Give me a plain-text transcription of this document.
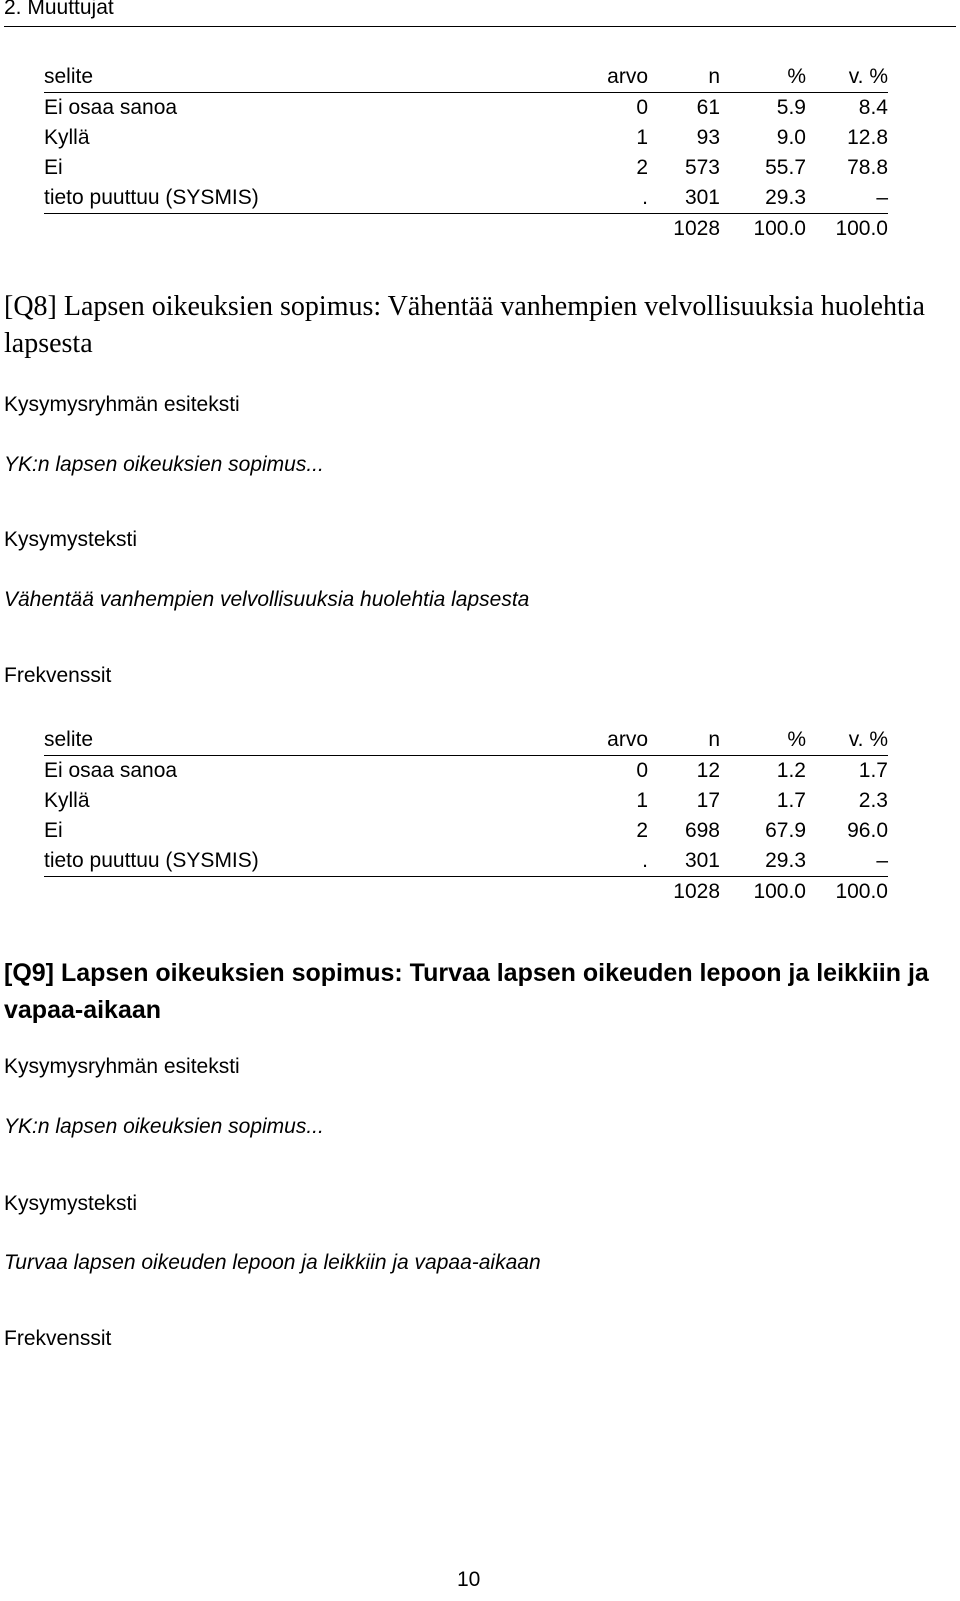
2. Muuttujat
selite	arvo	n	%	v. %
Ei osaa sanoa	0	61	5.9	8.4
Kyllä	1	93	9.0	12.8
Ei	2	573	55.7	78.8
tieto puuttuu (SYSMIS)	.	301	29.3	–
		1028	100.0	100.0
[Q8] Lapsen oikeuksien sopimus: Vähentää vanhempien velvollisuuksia huolehtia lapsesta
Kysymysryhmän esiteksti
YK:n lapsen oikeuksien sopimus...
Kysymysteksti
Vähentää vanhempien velvollisuuksia huolehtia lapsesta
Frekvenssit
selite	arvo	n	%	v. %
Ei osaa sanoa	0	12	1.2	1.7
Kyllä	1	17	1.7	2.3
Ei	2	698	67.9	96.0
tieto puuttuu (SYSMIS)	.	301	29.3	–
		1028	100.0	100.0
[Q9] Lapsen oikeuksien sopimus: Turvaa lapsen oikeuden lepoon ja leikkiin ja vapaa-aikaan
Kysymysryhmän esiteksti
YK:n lapsen oikeuksien sopimus...
Kysymysteksti
Turvaa lapsen oikeuden lepoon ja leikkiin ja vapaa-aikaan
Frekvenssit
10
